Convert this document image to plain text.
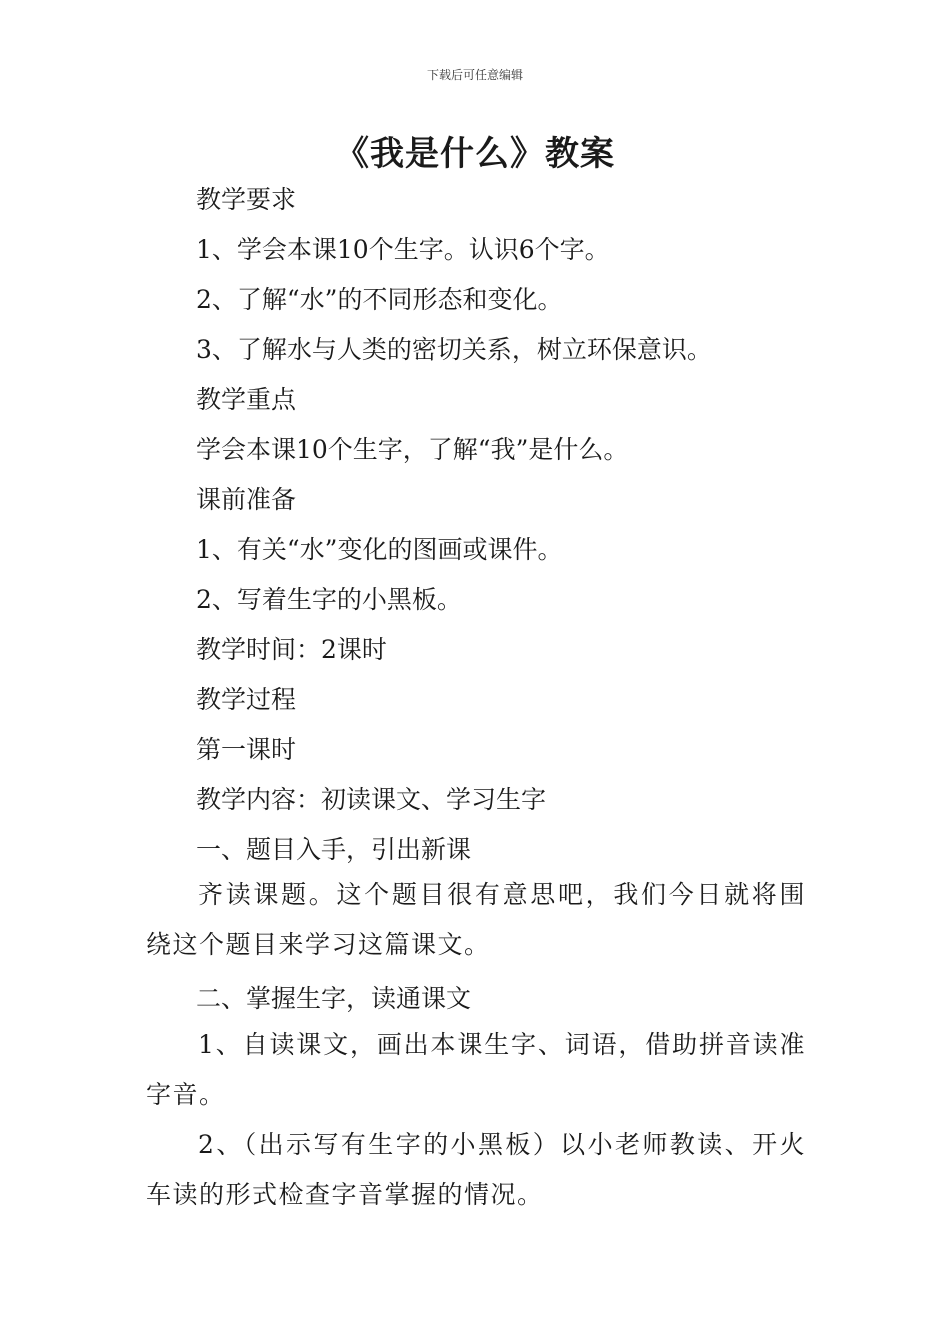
下载后可任意编辑
《我是什么》教案
教学要求
1、学会本课10个生字。认识6个字。
2、了解“水”的不同形态和变化。
3、了解水与人类的密切关系，树立环保意识。
教学重点
学会本课10个生字，了解“我”是什么。
课前准备
1、有关“水”变化的图画或课件。
2、写着生字的小黑板。
教学时间：2课时
教学过程
第一课时
教学内容：初读课文、学习生字
一、题目入手，引出新课
齐读课题。这个题目很有意思吧，我们今日就将围绕这个题目来学习这篇课文。
二、掌握生字，读通课文
1、自读课文，画出本课生字、词语，借助拼音读准字音。
2、（出示写有生字的小黑板）以小老师教读、开火车读的形式检查字音掌握的情况。
